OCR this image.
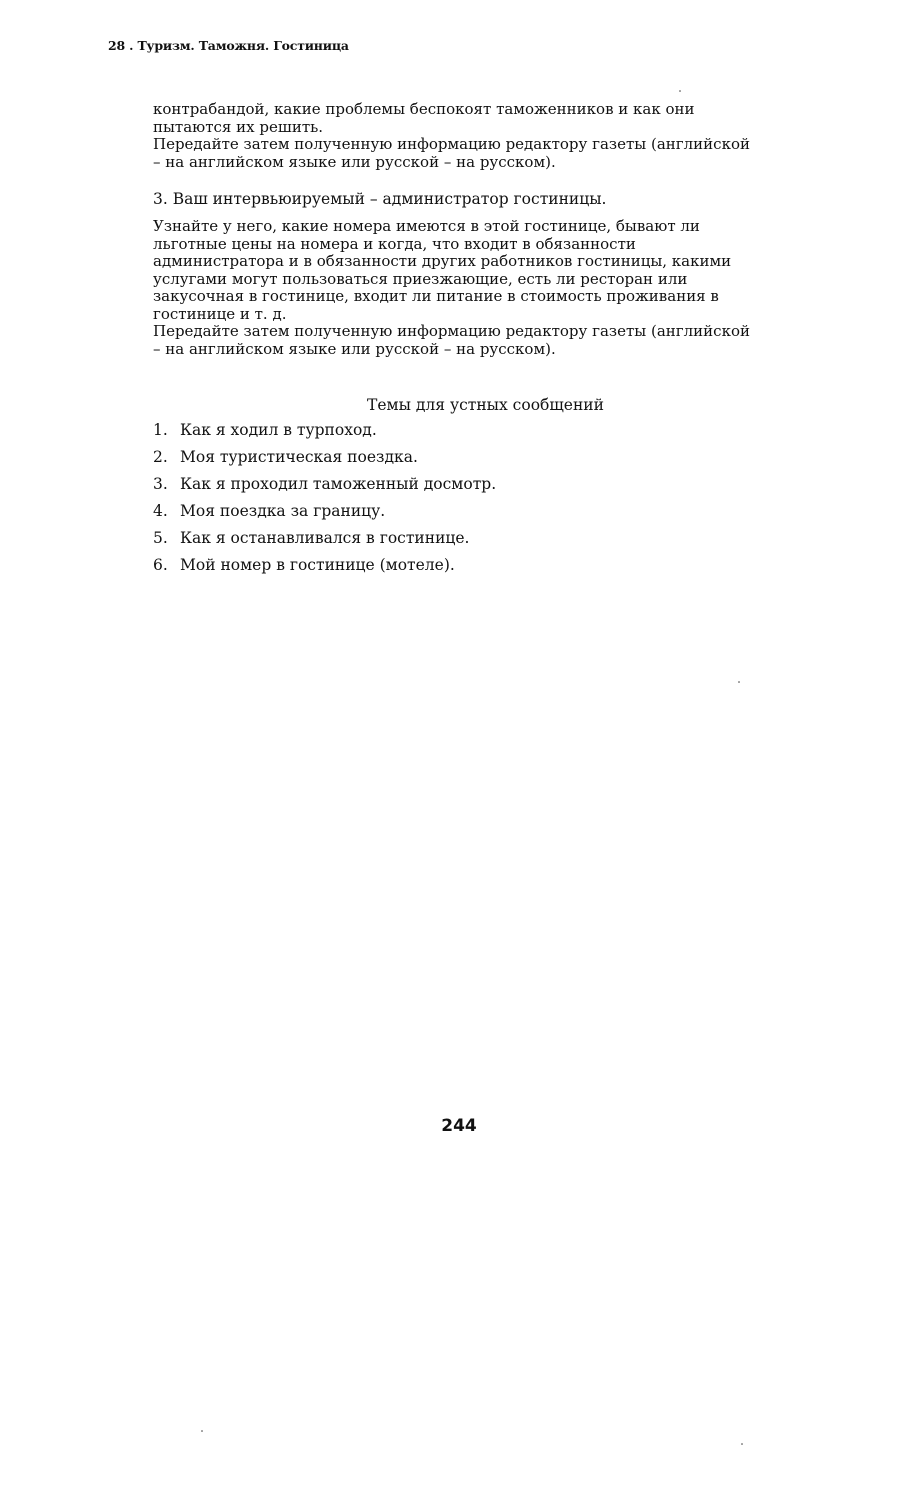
28 . Туризм. Таможня. Гостиница
контрабандой, какие проблемы беспокоят таможенников и как они
пытаются их решить.
Передайте затем полученную информацию редактору газеты (английской
– на английском языке или русской – на русском).
3. Ваш интервьюируемый – администратор гостиницы.
Узнайте у него, какие номера имеются в этой гостинице, бывают ли
льготные цены на номера и когда, что входит в обязанности
администратора и в обязанности других работников гостиницы, какими
услугами могут пользоваться приезжающие, есть ли ресторан или
закусочная в гостинице, входит ли питание в стоимость проживания в
гостинице и т. д.
Передайте затем полученную информацию редактору газеты (английской
– на английском языке или русской – на русском).
Темы для устных сообщений
1. Как я ходил в турпоход.
2. Моя туристическая поездка.
3. Как я проходил таможенный досмотр.
4. Моя поездка за границу.
5. Как я останавливался в гостинице.
6. Мой номер в гостинице (мотеле).
244
